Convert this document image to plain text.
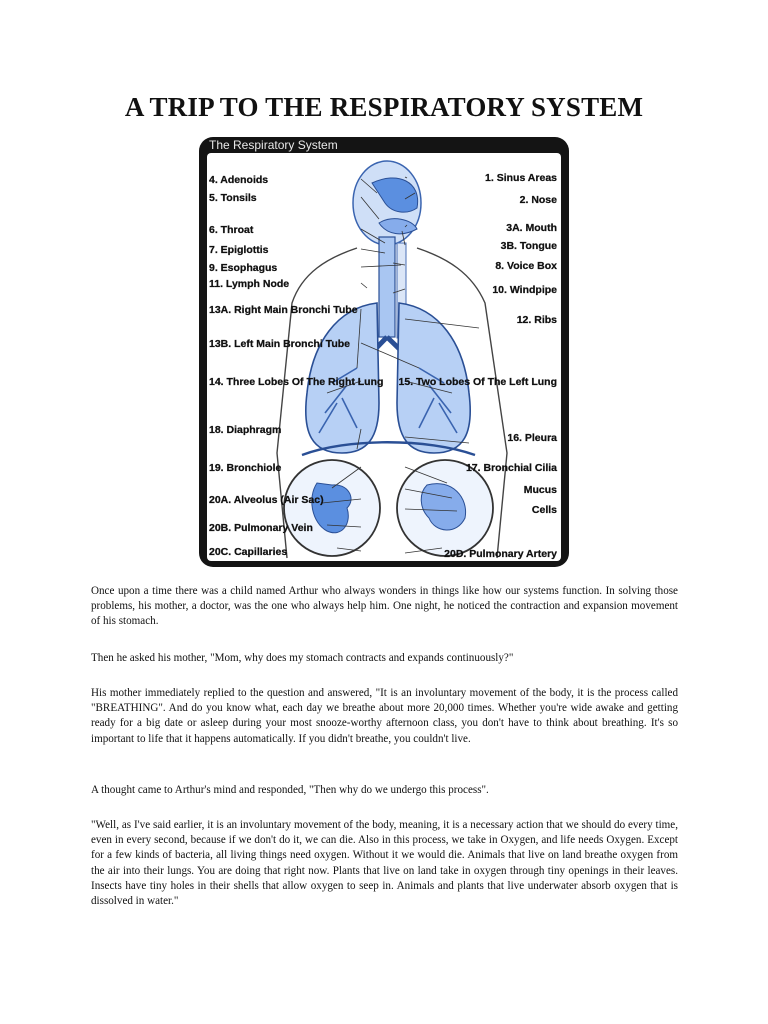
A TRIP TO THE RESPIRATORY SYSTEM
The Respiratory System
4. Adenoids
5. Tonsils
6. Throat
7. Epiglottis
9. Esophagus
11. Lymph Node
13A. Right Main Bronchi Tube
13B. Left Main Bronchi Tube
14. Three Lobes Of The Right Lung
18. Diaphragm
19. Bronchiole
20A. Alveolus (Air Sac)
20B. Pulmonary Vein
20C. Capillaries
1. Sinus Areas
2. Nose
3A. Mouth
3B. Tongue
8. Voice Box
10. Windpipe
12. Ribs
15. Two Lobes Of The Left Lung
16. Pleura
17. Bronchial Cilia
Mucus
Cells
20D. Pulmonary Artery

Once upon a time there was a child named Arthur who always wonders in things like how our systems function. In solving those problems, his mother, a doctor, was the one who always help him. One night, he noticed the contraction and expansion movement of his stomach.

Then he asked his mother, "Mom, why does my stomach contracts and expands continuously?"

His mother immediately replied to the question and answered, "It is an involuntary movement of the body, it is the process called "BREATHING". And do you know what, each day we breathe about more 20,000 times. Whether you're wide awake and getting ready for a big date or asleep during your most snooze-worthy afternoon class, you don't have to think about breathing. It's so important to life that it happens automatically. If you didn't breathe, you couldn't live.

A thought came to Arthur's mind and responded, "Then why do we undergo this process".

"Well, as I've said earlier, it is an involuntary movement of the body, meaning, it is a necessary action that we should do every time, even in every second, because if we don't do it, we can die. Also in this process, we take in Oxygen, and life needs Oxygen. Except for a few kinds of bacteria, all living things need oxygen. Without it we would die. Animals that live on land breathe oxygen from the air into their lungs. You are doing that right now. Plants that live on land take in oxygen through tiny openings in their leaves. Insects have tiny holes in their shells that allow oxygen to seep in. Animals and plants that live underwater absorb oxygen that is dissolved in water."
